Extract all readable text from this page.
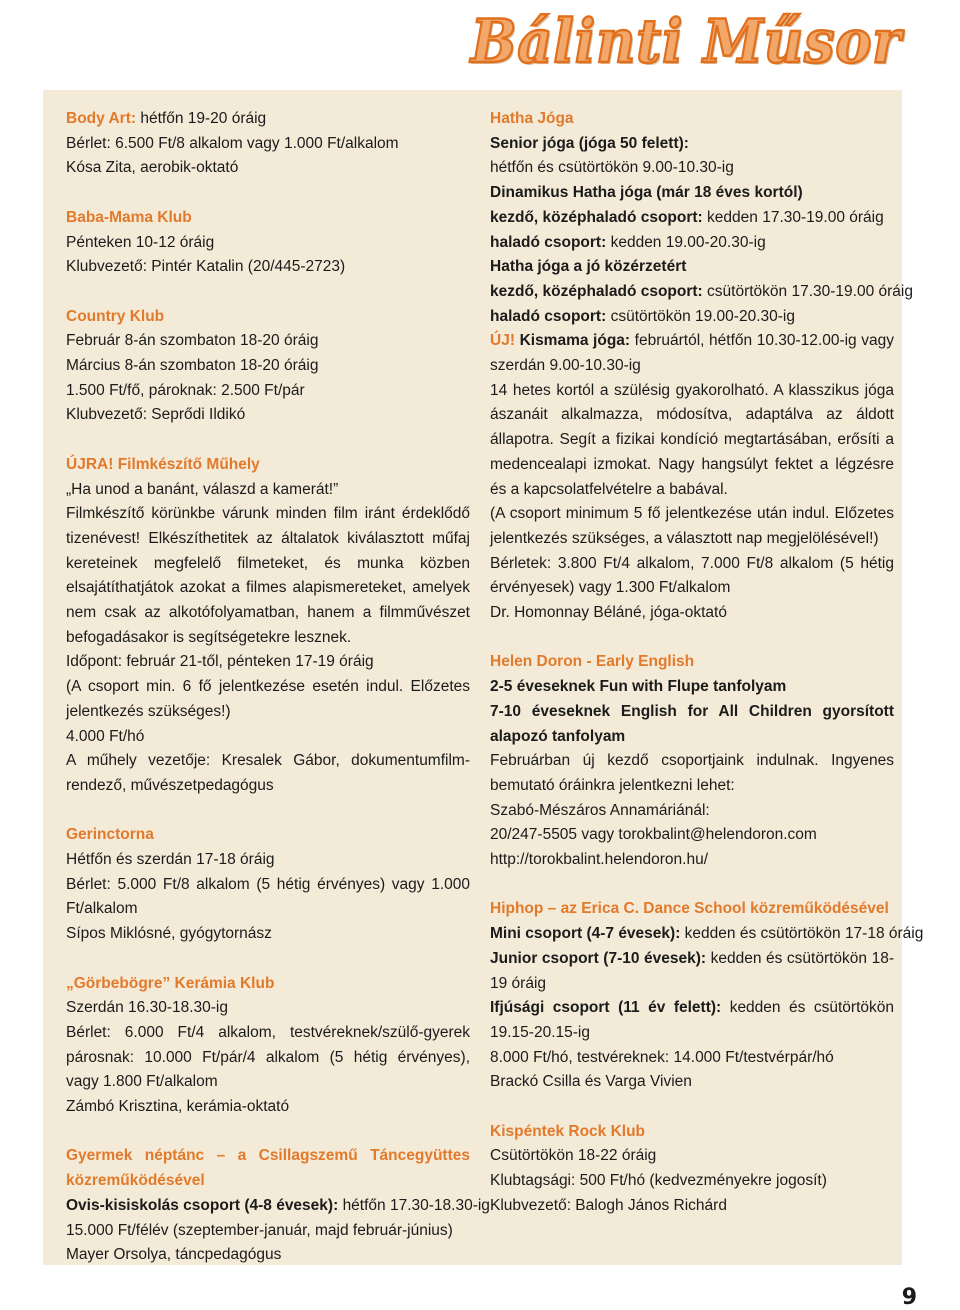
Bálinti Műsor
Body Art: hétfőn 19-20 óráig
Bérlet: 6.500 Ft/8 alkalom vagy 1.000 Ft/alkalom
Kósa Zita, aerobik-oktató
Baba-Mama Klub
Pénteken 10-12 óráig
Klubvezető: Pintér Katalin (20/445-2723)
Country Klub
Február 8-án szombaton 18-20 óráig
Március 8-án szombaton 18-20 óráig
1.500 Ft/fő, pároknak: 2.500 Ft/pár
Klubvezető: Seprődi Ildikó
ÚJRA! Filmkészítő Műhely
„Ha unod a banánt, válaszd a kamerát!”
Filmkészítő körünkbe várunk minden film iránt érdeklődő tizenévest! Elkészíthetitek az általatok kiválasztott műfaj kereteinek megfelelő filmeteket, és munka közben elsajátíthatjátok azokat a filmes alapismereteket, amelyek nem csak az alkotófolyamatban, hanem a filmművészet befogadásakor is segítségetekre lesznek.
Időpont: február 21-től, pénteken 17-19 óráig
(A csoport min. 6 fő jelentkezése esetén indul. Előzetes jelentkezés szükséges!)
4.000 Ft/hó
A műhely vezetője: Kresalek Gábor, dokumentumfilm-rendező, művészetpedagógus
Gerinctorna
Hétfőn és szerdán 17-18 óráig
Bérlet: 5.000 Ft/8 alkalom (5 hétig érvényes) vagy 1.000 Ft/alkalom
Sípos Miklósné, gyógytornász
„Görbebögre” Kerámia Klub
Szerdán 16.30-18.30-ig
Bérlet: 6.000 Ft/4 alkalom, testvéreknek/szülő-gyerek párosnak: 10.000 Ft/pár/4 alkalom (5 hétig érvényes), vagy 1.800 Ft/alkalom
Zámbó Krisztina, kerámia-oktató
Gyermek néptánc – a Csillagszemű Táncegyüttes közreműködésével
Ovis-kisiskolás csoport (4-8 évesek): hétfőn 17.30-18.30-ig
15.000 Ft/félév (szeptember-január, majd február-június)
Mayer Orsolya, táncpedagógus
Hatha Jóga
Senior jóga (jóga 50 felett):
hétfőn és csütörtökön 9.00-10.30-ig
Dinamikus Hatha jóga (már 18 éves kortól)
kezdő, középhaladó csoport: kedden 17.30-19.00 óráig
haladó csoport: kedden 19.00-20.30-ig
Hatha jóga a jó közérzetért
kezdő, középhaladó csoport: csütörtökön 17.30-19.00 óráig
haladó csoport: csütörtökön 19.00-20.30-ig
ÚJ! Kismama jóga: februártól, hétfőn 10.30-12.00-ig vagy szerdán 9.00-10.30-ig
14 hetes kortól a szülésig gyakorolható. A klasszikus jóga ászanáit alkalmazza, módosítva, adaptálva az áldott állapotra. Segít a fizikai kondíció megtartásában, erősíti a medencealapi izmokat. Nagy hangsúlyt fektet a légzésre és a kapcsolatfelvételre a babával.
(A csoport minimum 5 fő jelentkezése után indul. Előzetes jelentkezés szükséges, a választott nap megjelölésével!)
Bérletek: 3.800 Ft/4 alkalom, 7.000 Ft/8 alkalom (5 hétig érvényesek) vagy 1.300 Ft/alkalom
Dr. Homonnay Béláné, jóga-oktató
Helen Doron - Early English
2-5 éveseknek Fun with Flupe tanfolyam
7-10 éveseknek English for All Children gyorsított alapozó tanfolyam
Februárban új kezdő csoportjaink indulnak. Ingyenes bemutató óráinkra jelentkezni lehet:
Szabó-Mészáros Annamáriánál:
20/247-5505 vagy torokbalint@helendoron.com
http://torokbalint.helendoron.hu/
Hiphop – az Erica C. Dance School közreműködésével
Mini csoport (4-7 évesek): kedden és csütörtökön 17-18 óráig
Junior csoport (7-10 évesek): kedden és csütörtökön 18-19 óráig
Ifjúsági csoport (11 év felett): kedden és csütörtökön 19.15-20.15-ig
8.000 Ft/hó, testvéreknek: 14.000 Ft/testvérpár/hó
Brackó Csilla és Varga Vivien
Kispéntek Rock Klub
Csütörtökön 18-22 óráig
Klubtagsági: 500 Ft/hó (kedvezményekre jogosít)
Klubvezető: Balogh János Richárd
9
